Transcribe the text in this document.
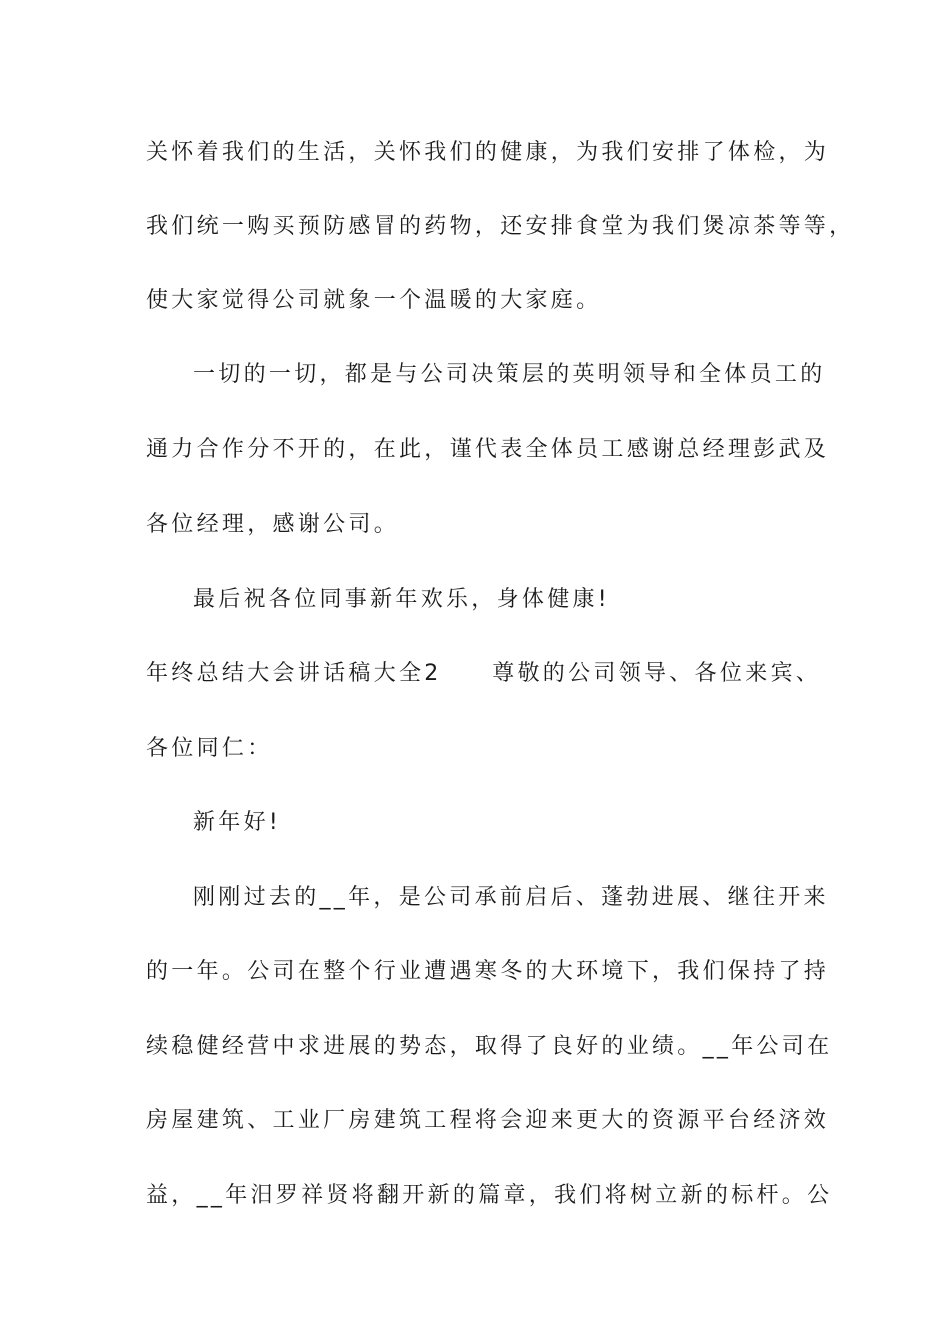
关怀着我们的生活，关怀我们的健康，为我们安排了体检，为
我们统一购买预防感冒的药物，还安排食堂为我们煲凉茶等等，
使大家觉得公司就象一个温暖的大家庭。
一切的一切，都是与公司决策层的英明领导和全体员工的
通力合作分不开的，在此，谨代表全体员工感谢总经理彭武及
各位经理，感谢公司。
最后祝各位同事新年欢乐，身体健康!
年终总结大会讲话稿大全2　　尊敬的公司领导、各位来宾、
各位同仁：
新年好!
刚刚过去的__年，是公司承前启后、蓬勃进展、继往开来
的一年。公司在整个行业遭遇寒冬的大环境下，我们保持了持
续稳健经营中求进展的势态，取得了良好的业绩。__年公司在
房屋建筑、工业厂房建筑工程将会迎来更大的资源平台经济效
益，__年汨罗祥贤将翻开新的篇章，我们将树立新的标杆。公
